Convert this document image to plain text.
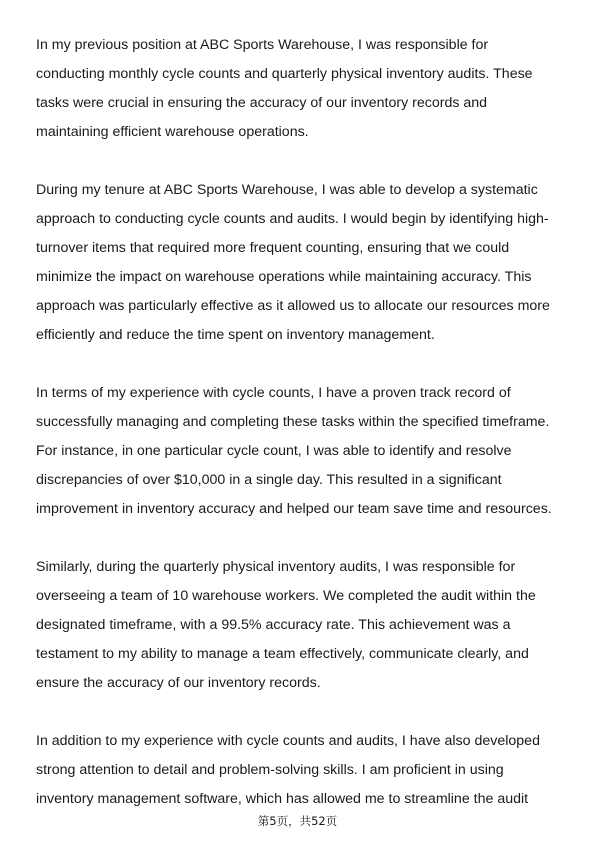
In my previous position at ABC Sports Warehouse, I was responsible for
conducting monthly cycle counts and quarterly physical inventory audits. These
tasks were crucial in ensuring the accuracy of our inventory records and
maintaining efficient warehouse operations.
During my tenure at ABC Sports Warehouse, I was able to develop a systematic
approach to conducting cycle counts and audits. I would begin by identifying high-
turnover items that required more frequent counting, ensuring that we could
minimize the impact on warehouse operations while maintaining accuracy. This
approach was particularly effective as it allowed us to allocate our resources more
efficiently and reduce the time spent on inventory management.
In terms of my experience with cycle counts, I have a proven track record of
successfully managing and completing these tasks within the specified timeframe.
For instance, in one particular cycle count, I was able to identify and resolve
discrepancies of over $10,000 in a single day. This resulted in a significant
improvement in inventory accuracy and helped our team save time and resources.
Similarly, during the quarterly physical inventory audits, I was responsible for
overseeing a team of 10 warehouse workers. We completed the audit within the
designated timeframe, with a 99.5% accuracy rate. This achievement was a
testament to my ability to manage a team effectively, communicate clearly, and
ensure the accuracy of our inventory records.
In addition to my experience with cycle counts and audits, I have also developed
strong attention to detail and problem-solving skills. I am proficient in using
inventory management software, which has allowed me to streamline the audit
第5页，共52页
